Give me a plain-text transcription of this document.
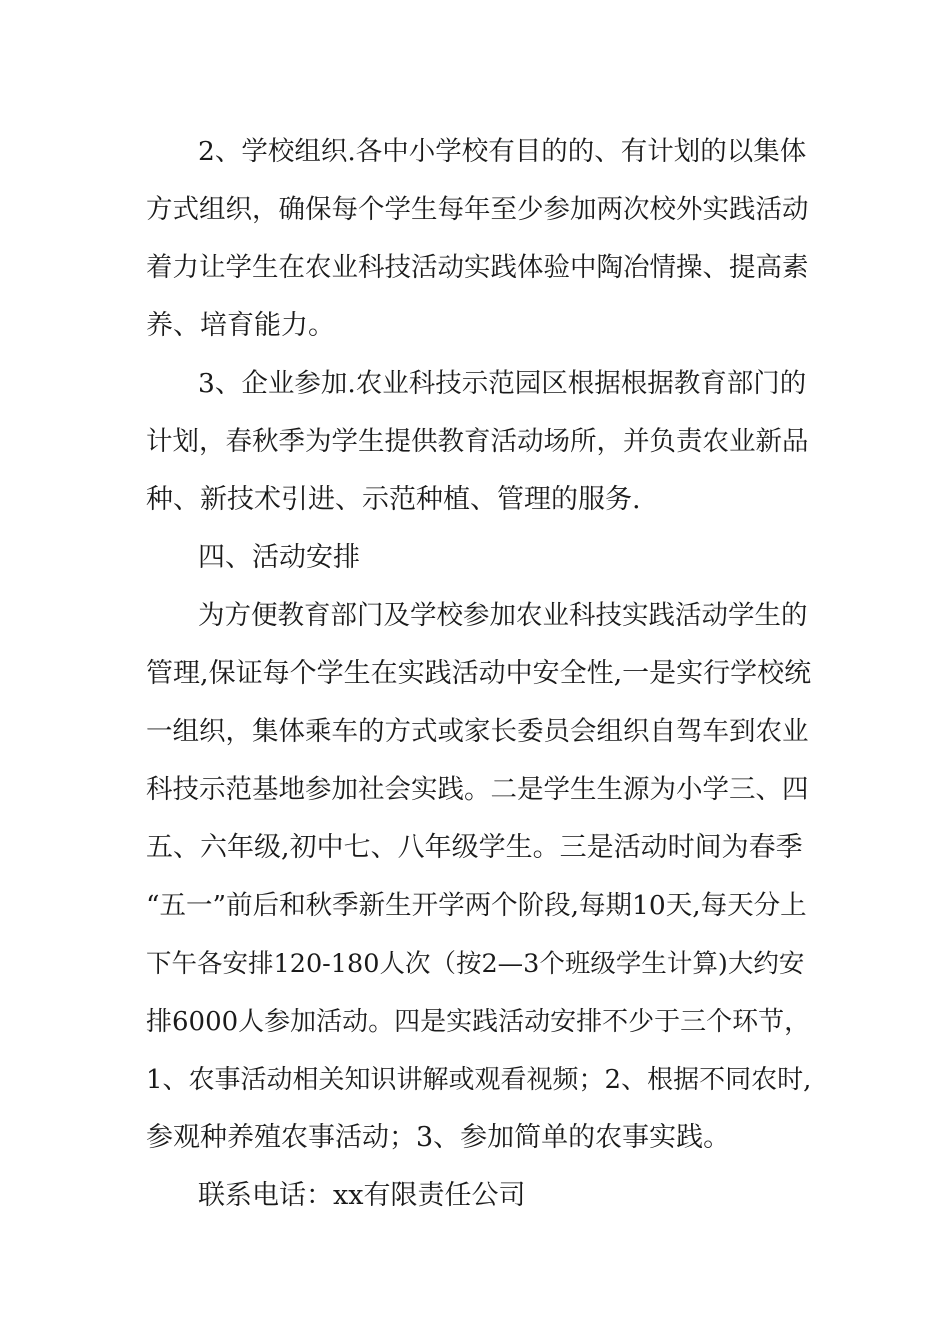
2、学校组织.各中小学校有目的的、有计划的以集体
方式组织，确保每个学生每年至少参加两次校外实践活动
着力让学生在农业科技活动实践体验中陶冶情操、提高素
养、培育能力。
3、企业参加.农业科技示范园区根据根据教育部门的
计划，春秋季为学生提供教育活动场所，并负责农业新品
种、新技术引进、示范种植、管理的服务.
四、活动安排
为方便教育部门及学校参加农业科技实践活动学生的
管理,保证每个学生在实践活动中安全性,一是实行学校统
一组织，集体乘车的方式或家长委员会组织自驾车到农业
科技示范基地参加社会实践。二是学生生源为小学三、四
五、六年级,初中七、八年级学生。三是活动时间为春季
“五一”前后和秋季新生开学两个阶段,每期10天,每天分上
下午各安排120-180人次（按2—3个班级学生计算)大约安
排6000人参加活动。四是实践活动安排不少于三个环节，
1、农事活动相关知识讲解或观看视频；2、根据不同农时,
参观种养殖农事活动；3、参加简单的农事实践。
联系电话：xx有限责任公司
